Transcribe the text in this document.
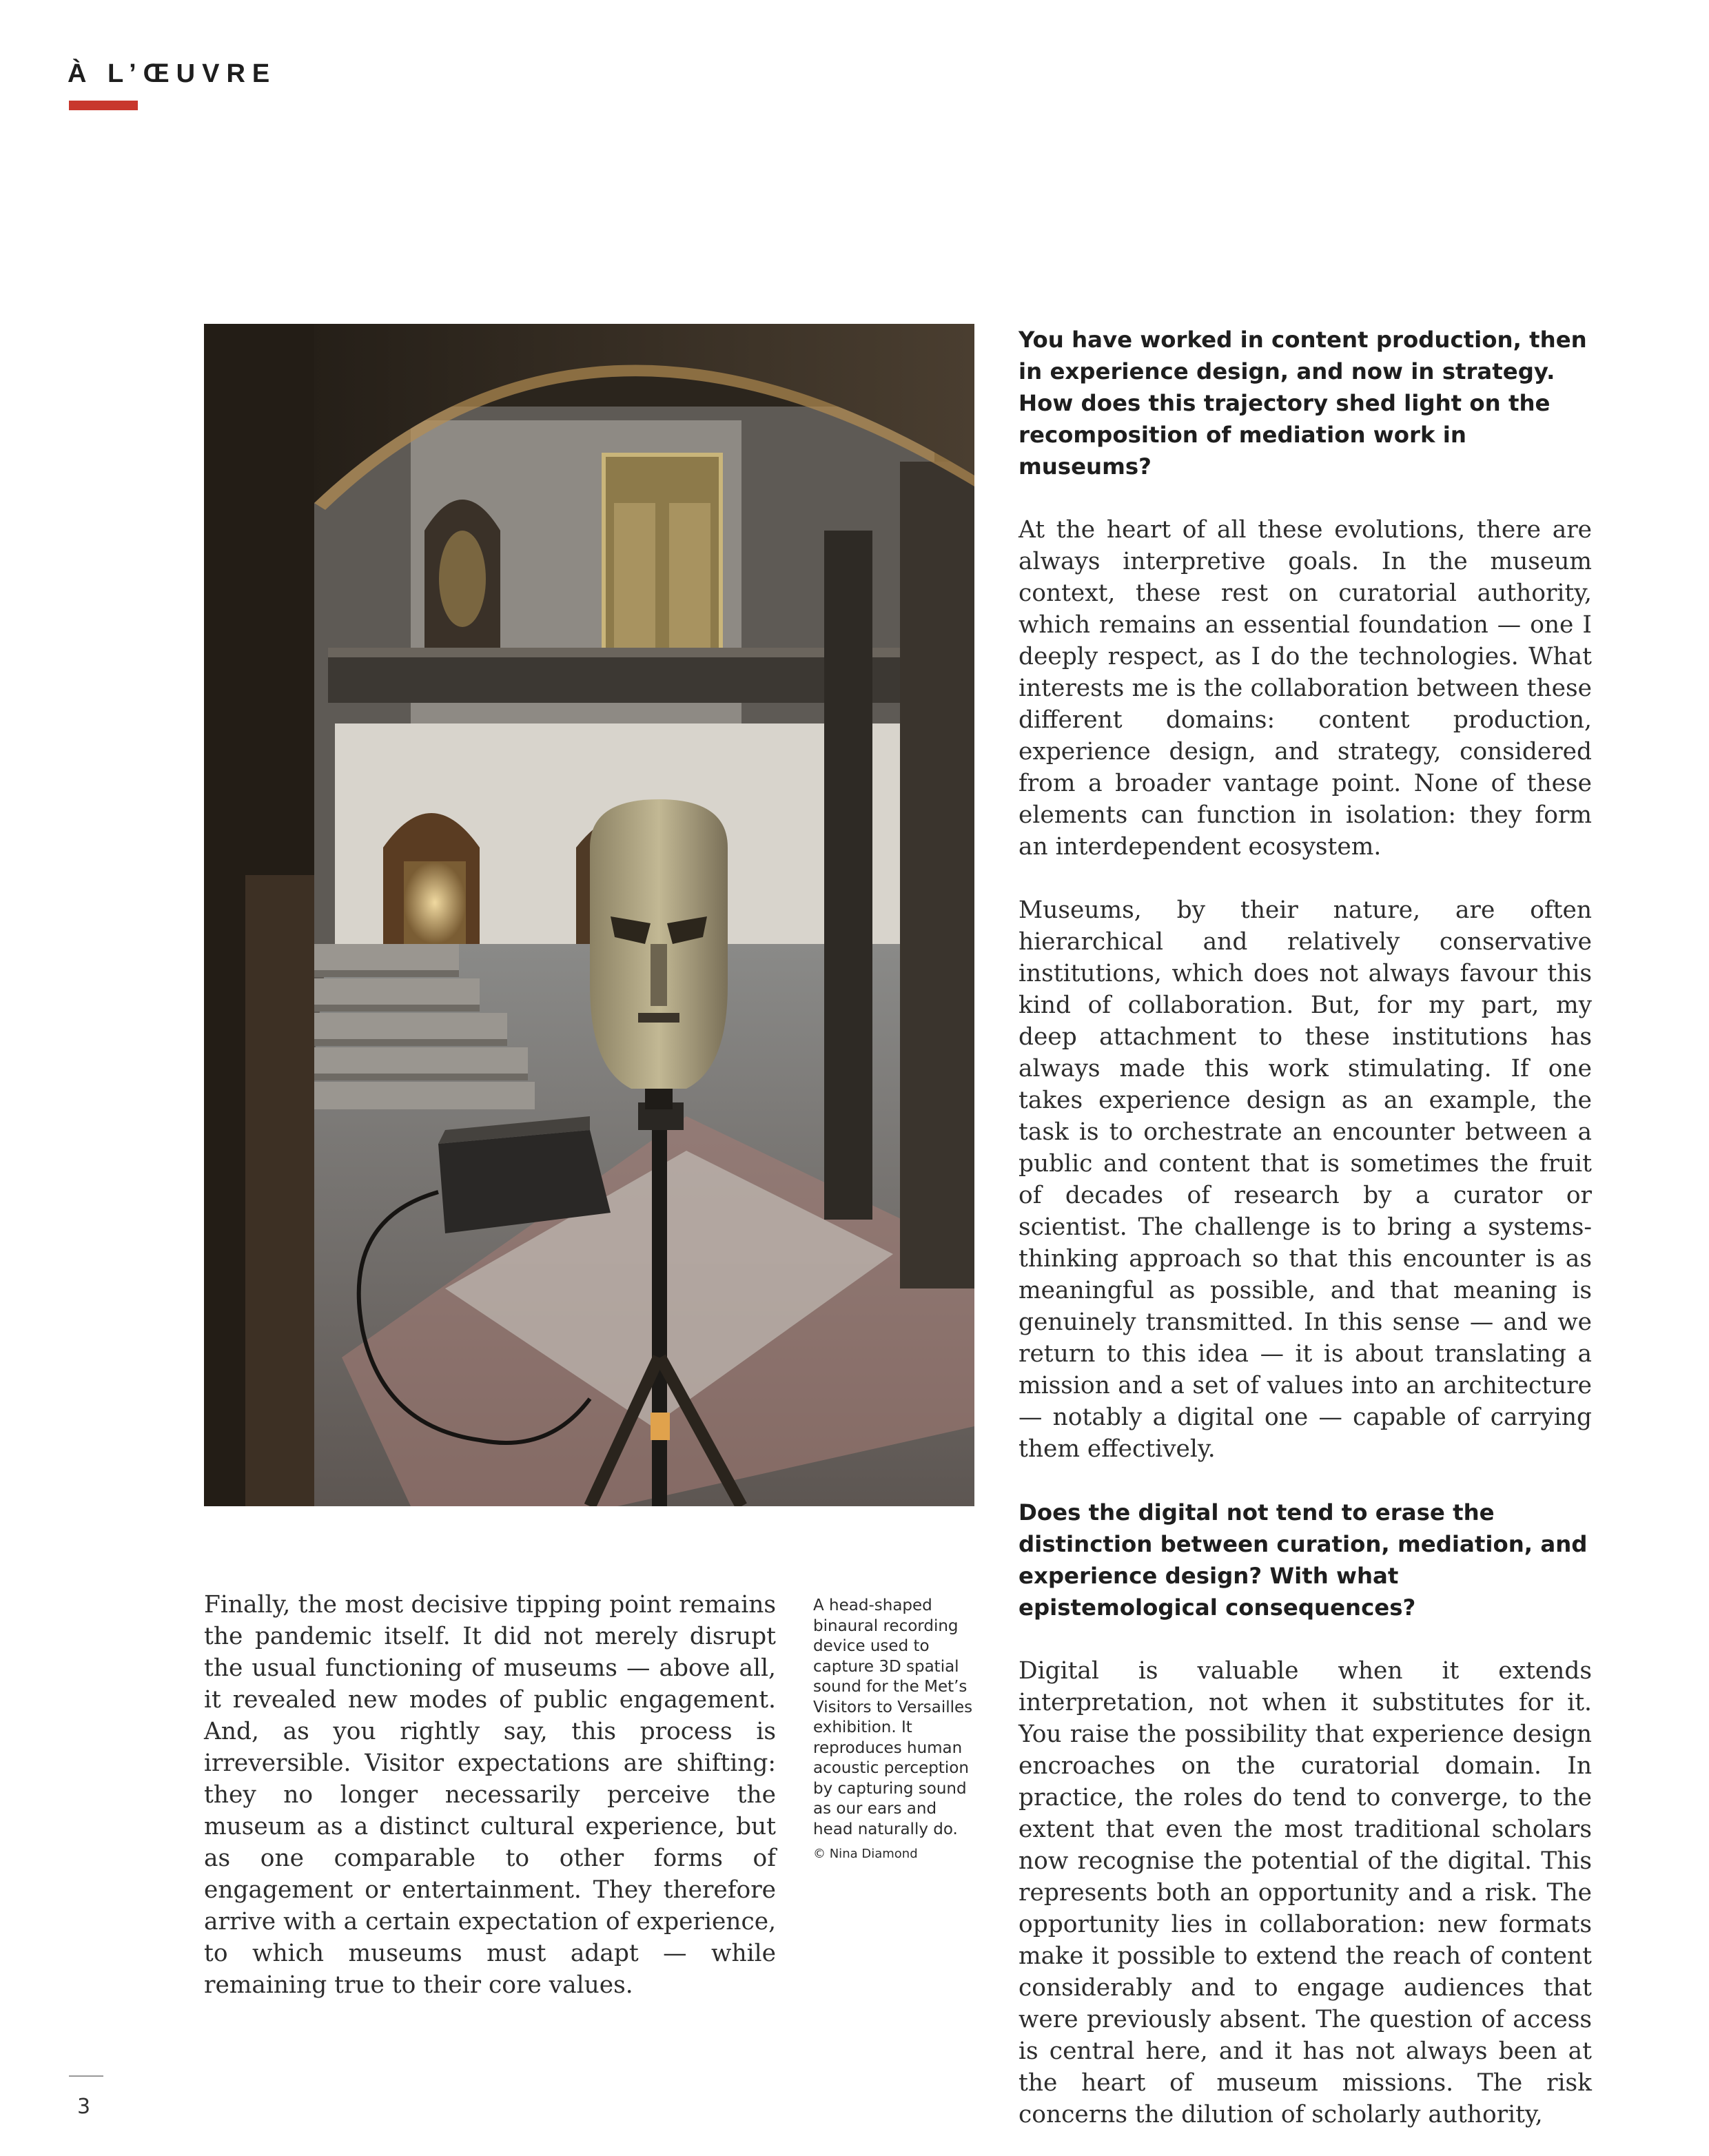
À L’ŒUVRE

You have worked in content production, then in experience design, and now in strategy. How does this trajectory shed light on the recomposition of mediation work in museums?

At the heart of all these evolutions, there are always interpretive goals. In the museum context, these rest on curatorial authority, which remains an essential foundation — one I deeply respect, as I do the technologies. What interests me is the collaboration between these different domains: content production, experience design, and strategy, considered from a broader vantage point. None of these elements can function in isolation: they form an interdependent ecosystem.

Museums, by their nature, are often hierarchical and relatively conservative institutions, which does not always favour this kind of collaboration. But, for my part, my deep attachment to these institutions has always made this work stimulating. If one takes experience design as an example, the task is to orchestrate an encounter between a public and content that is sometimes the fruit of decades of research by a curator or scientist. The challenge is to bring a systems-thinking approach so that this encounter is as meaningful as possible, and that meaning is genuinely transmitted. In this sense — and we return to this idea — it is about translating a mission and a set of values into an architecture — notably a digital one — capable of carrying them effectively.

Does the digital not tend to erase the distinction between curation, mediation, and experience design? With what epistemological consequences?

Digital is valuable when it extends interpretation, not when it substitutes for it. You raise the possibility that experience design encroaches on the curatorial domain. In practice, the roles do tend to converge, to the extent that even the most traditional scholars now recognise the potential of the digital. This represents both an opportunity and a risk. The opportunity lies in collaboration: new formats make it possible to extend the reach of content considerably and to engage audiences that were previously absent. The question of access is central here, and it has not always been at the heart of museum missions. The risk concerns the dilution of scholarly authority,

Finally, the most decisive tipping point remains the pandemic itself. It did not merely disrupt the usual functioning of museums — above all, it revealed new modes of public engagement. And, as you rightly say, this process is irreversible. Visitor expectations are shifting: they no longer necessarily perceive the museum as a distinct cultural experience, but as one comparable to other forms of engagement or entertainment. They therefore arrive with a certain expectation of experience, to which museums must adapt — while remaining true to their core values.

A head-shaped binaural recording device used to capture 3D spatial sound for the Met’s Visitors to Versailles exhibition. It reproduces human acoustic perception by capturing sound as our ears and head naturally do.
© Nina Diamond
3
